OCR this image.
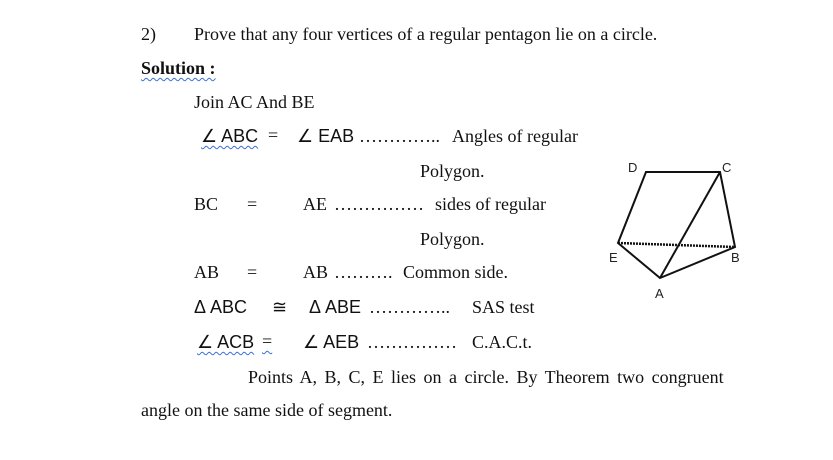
2) Prove that any four vertices of a regular pentagon lie on a circle.
Solution :
Join AC And BE
∠ ABC = ∠ EAB ………….. Angles of regular
Polygon.
BC =	AE …………… sides of regular
Polygon.
AB =	AB ………. Common side.
Δ ABC ≅ Δ ABE ………….. SAS test
∠ ACB = ∠ AEB …………… C.A.C.t.
Points A, B, C, E lies on a circle. By Theorem two congruent
angle on the same side of segment.
D	C
E	B
A
